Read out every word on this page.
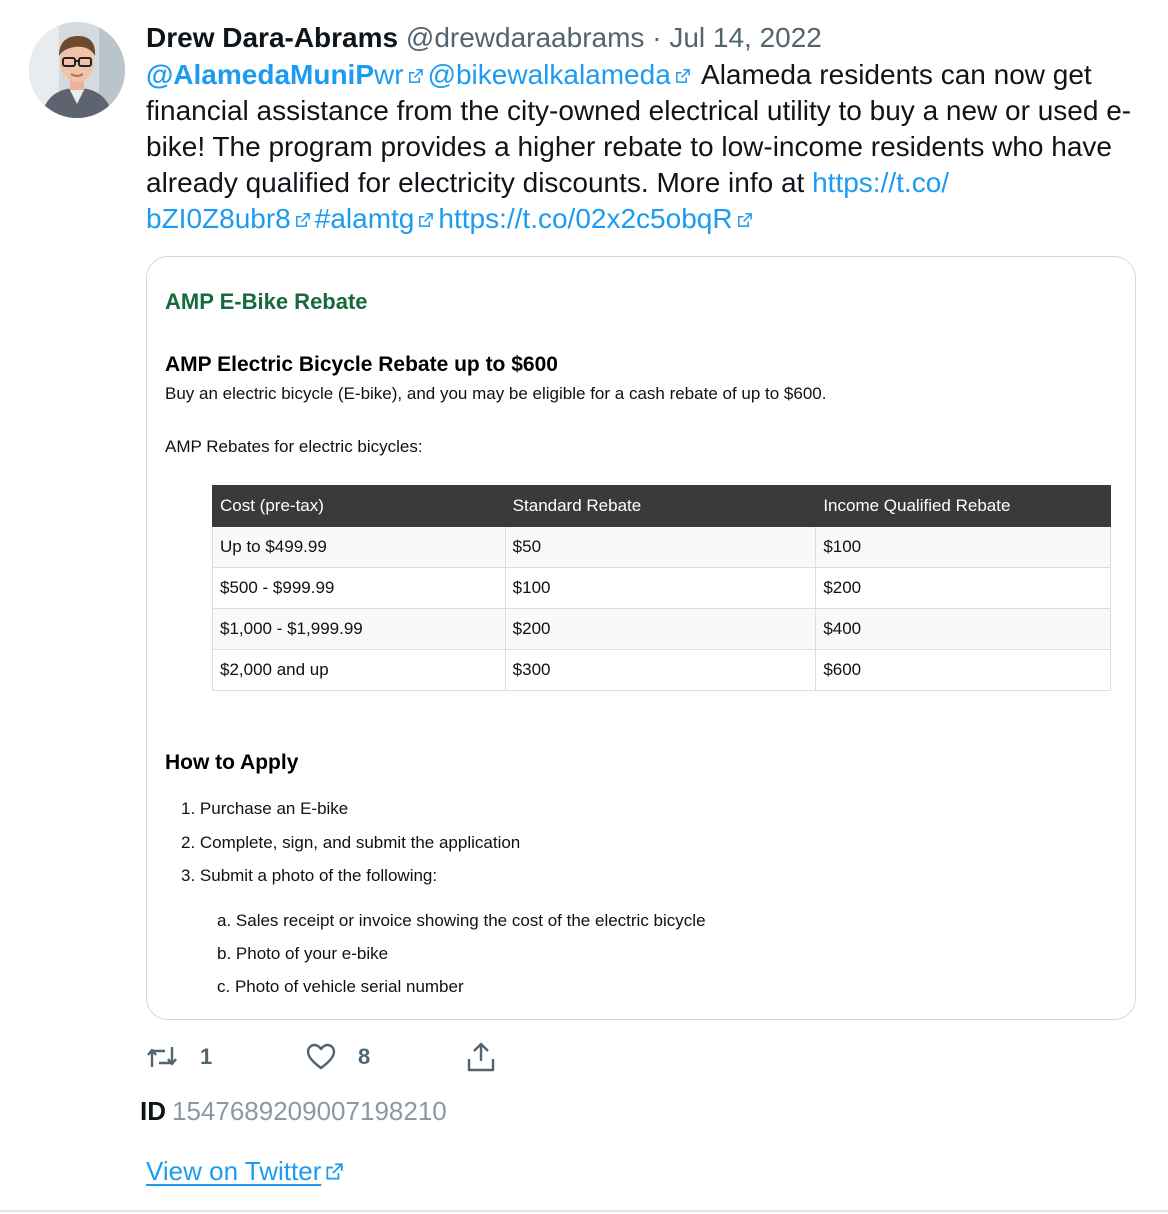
Drew Dara-Abrams @drewdaraabrams · Jul 14, 2022
@AlamedaMuniPwr @bikewalkalameda Alameda residents can now get financial assistance from the city-owned electrical utility to buy a new or used e-bike! The program provides a higher rebate to low-income residents who have already qualified for electricity discounts. More info at https://t.co/
bZI0Z8ubr8 #alamtg https://t.co/02x2c5obqR
AMP E-Bike Rebate
AMP Electric Bicycle Rebate up to $600
Buy an electric bicycle (E-bike), and you may be eligible for a cash rebate of up to $600.
AMP Rebates for electric bicycles:
Cost (pre-tax)	Standard Rebate	Income Qualified Rebate
Up to $499.99	$50	$100
$500 - $999.99	$100	$200
$1,000 - $1,999.99	$200	$400
$2,000 and up	$300	$600
How to Apply
1. Purchase an E-bike
2. Complete, sign, and submit the application
3. Submit a photo of the following:
a. Sales receipt or invoice showing the cost of the electric bicycle
b. Photo of your e-bike
c. Photo of vehicle serial number
1	8
ID 1547689209007198210
View on Twitter
